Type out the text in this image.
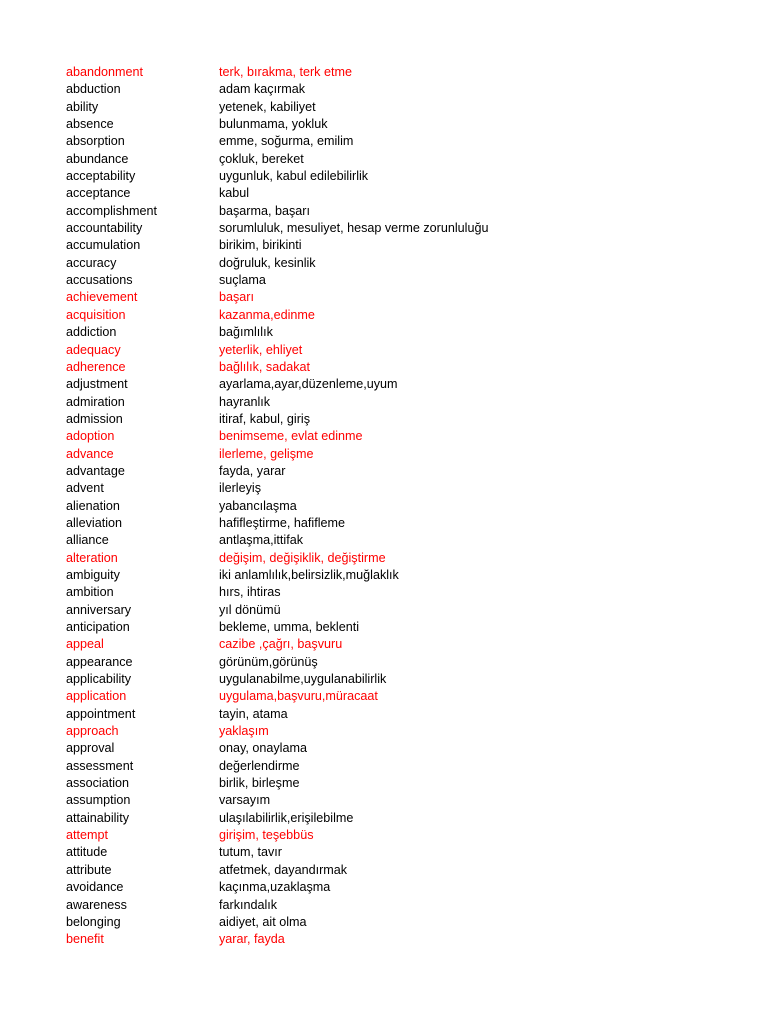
abandonment	terk, bırakma, terk etme
abduction	adam kaçırmak
ability	yetenek, kabiliyet
absence	bulunmama, yokluk
absorption	emme, soğurma, emilim
abundance	çokluk, bereket
acceptability	uygunluk, kabul edilebilirlik
acceptance	kabul
accomplishment	başarma, başarı
accountability	sorumluluk, mesuliyet, hesap verme zorunluluğu
accumulation	birikim, birikinti
accuracy	doğruluk, kesinlik
accusations	suçlama
achievement	başarı
acquisition	kazanma,edinme
addiction	bağımlılık
adequacy	yeterlik, ehliyet
adherence	bağlılık, sadakat
adjustment	ayarlama,ayar,düzenleme,uyum
admiration	hayranlık
admission	itiraf, kabul, giriş
adoption	benimseme, evlat edinme
advance	ilerleme, gelişme
advantage	fayda, yarar
advent	ilerleyiş
alienation	yabancılaşma
alleviation	hafifleştirme, hafifleme
alliance	antlaşma,ittifak
alteration	değişim, değişiklik, değiştirme
ambiguity	iki anlamlılık,belirsizlik,muğlaklık
ambition	hırs, ihtiras
anniversary	yıl dönümü
anticipation	bekleme, umma, beklenti
appeal	cazibe ,çağrı, başvuru
appearance	görünüm,görünüş
applicability	uygulanabilme,uygulanabilirlik
application	uygulama,başvuru,müracaat
appointment	tayin, atama
approach	yaklaşım
approval	onay, onaylama
assessment	değerlendirme
association	birlik, birleşme
assumption	varsayım
attainability	ulaşılabilirlik,erişilebilme
attempt	girişim, teşebbüs
attitude	tutum, tavır
attribute	atfetmek, dayandırmak
avoidance	kaçınma,uzaklaşma
awareness	farkındalık
belonging	aidiyet, ait olma
benefit	yarar, fayda
